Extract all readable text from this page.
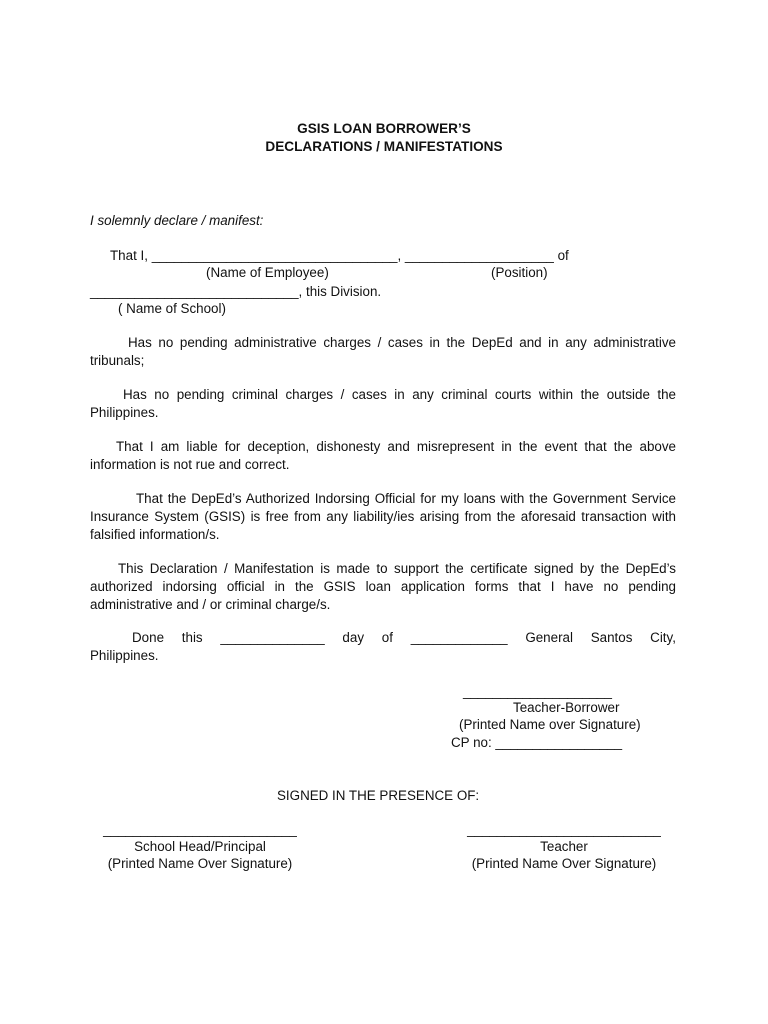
GSIS LOAN BORROWER’S
DECLARATIONS / MANIFESTATIONS
I solemnly declare / manifest:
That I, _________________________________, ____________________ of
(Name of Employee)	(Position)
____________________________, this Division.
( Name of School)
Has no pending administrative charges / cases in the DepEd and in any administrative tribunals;
Has no pending criminal charges / cases in any criminal courts within the outside the Philippines.
That I am liable for deception, dishonesty and misrepresent in the event that the above information is not rue and correct.
That the DepEd’s Authorized Indorsing Official for my loans with the Government Service Insurance System (GSIS) is free from any liability/ies arising from the aforesaid transaction with falsified information/s.
This Declaration / Manifestation is made to support the certificate signed by the DepEd’s authorized indorsing official in the GSIS loan application forms that I have no pending administrative and / or criminal charge/s.
Done this ______________ day of _____________ General Santos City, Philippines.
____________________
Teacher-Borrower
(Printed Name over Signature)
CP no: _________________
SIGNED IN THE PRESENCE OF:
__________________________
School Head/Principal
(Printed Name Over Signature)
__________________________
Teacher
(Printed Name Over Signature)
